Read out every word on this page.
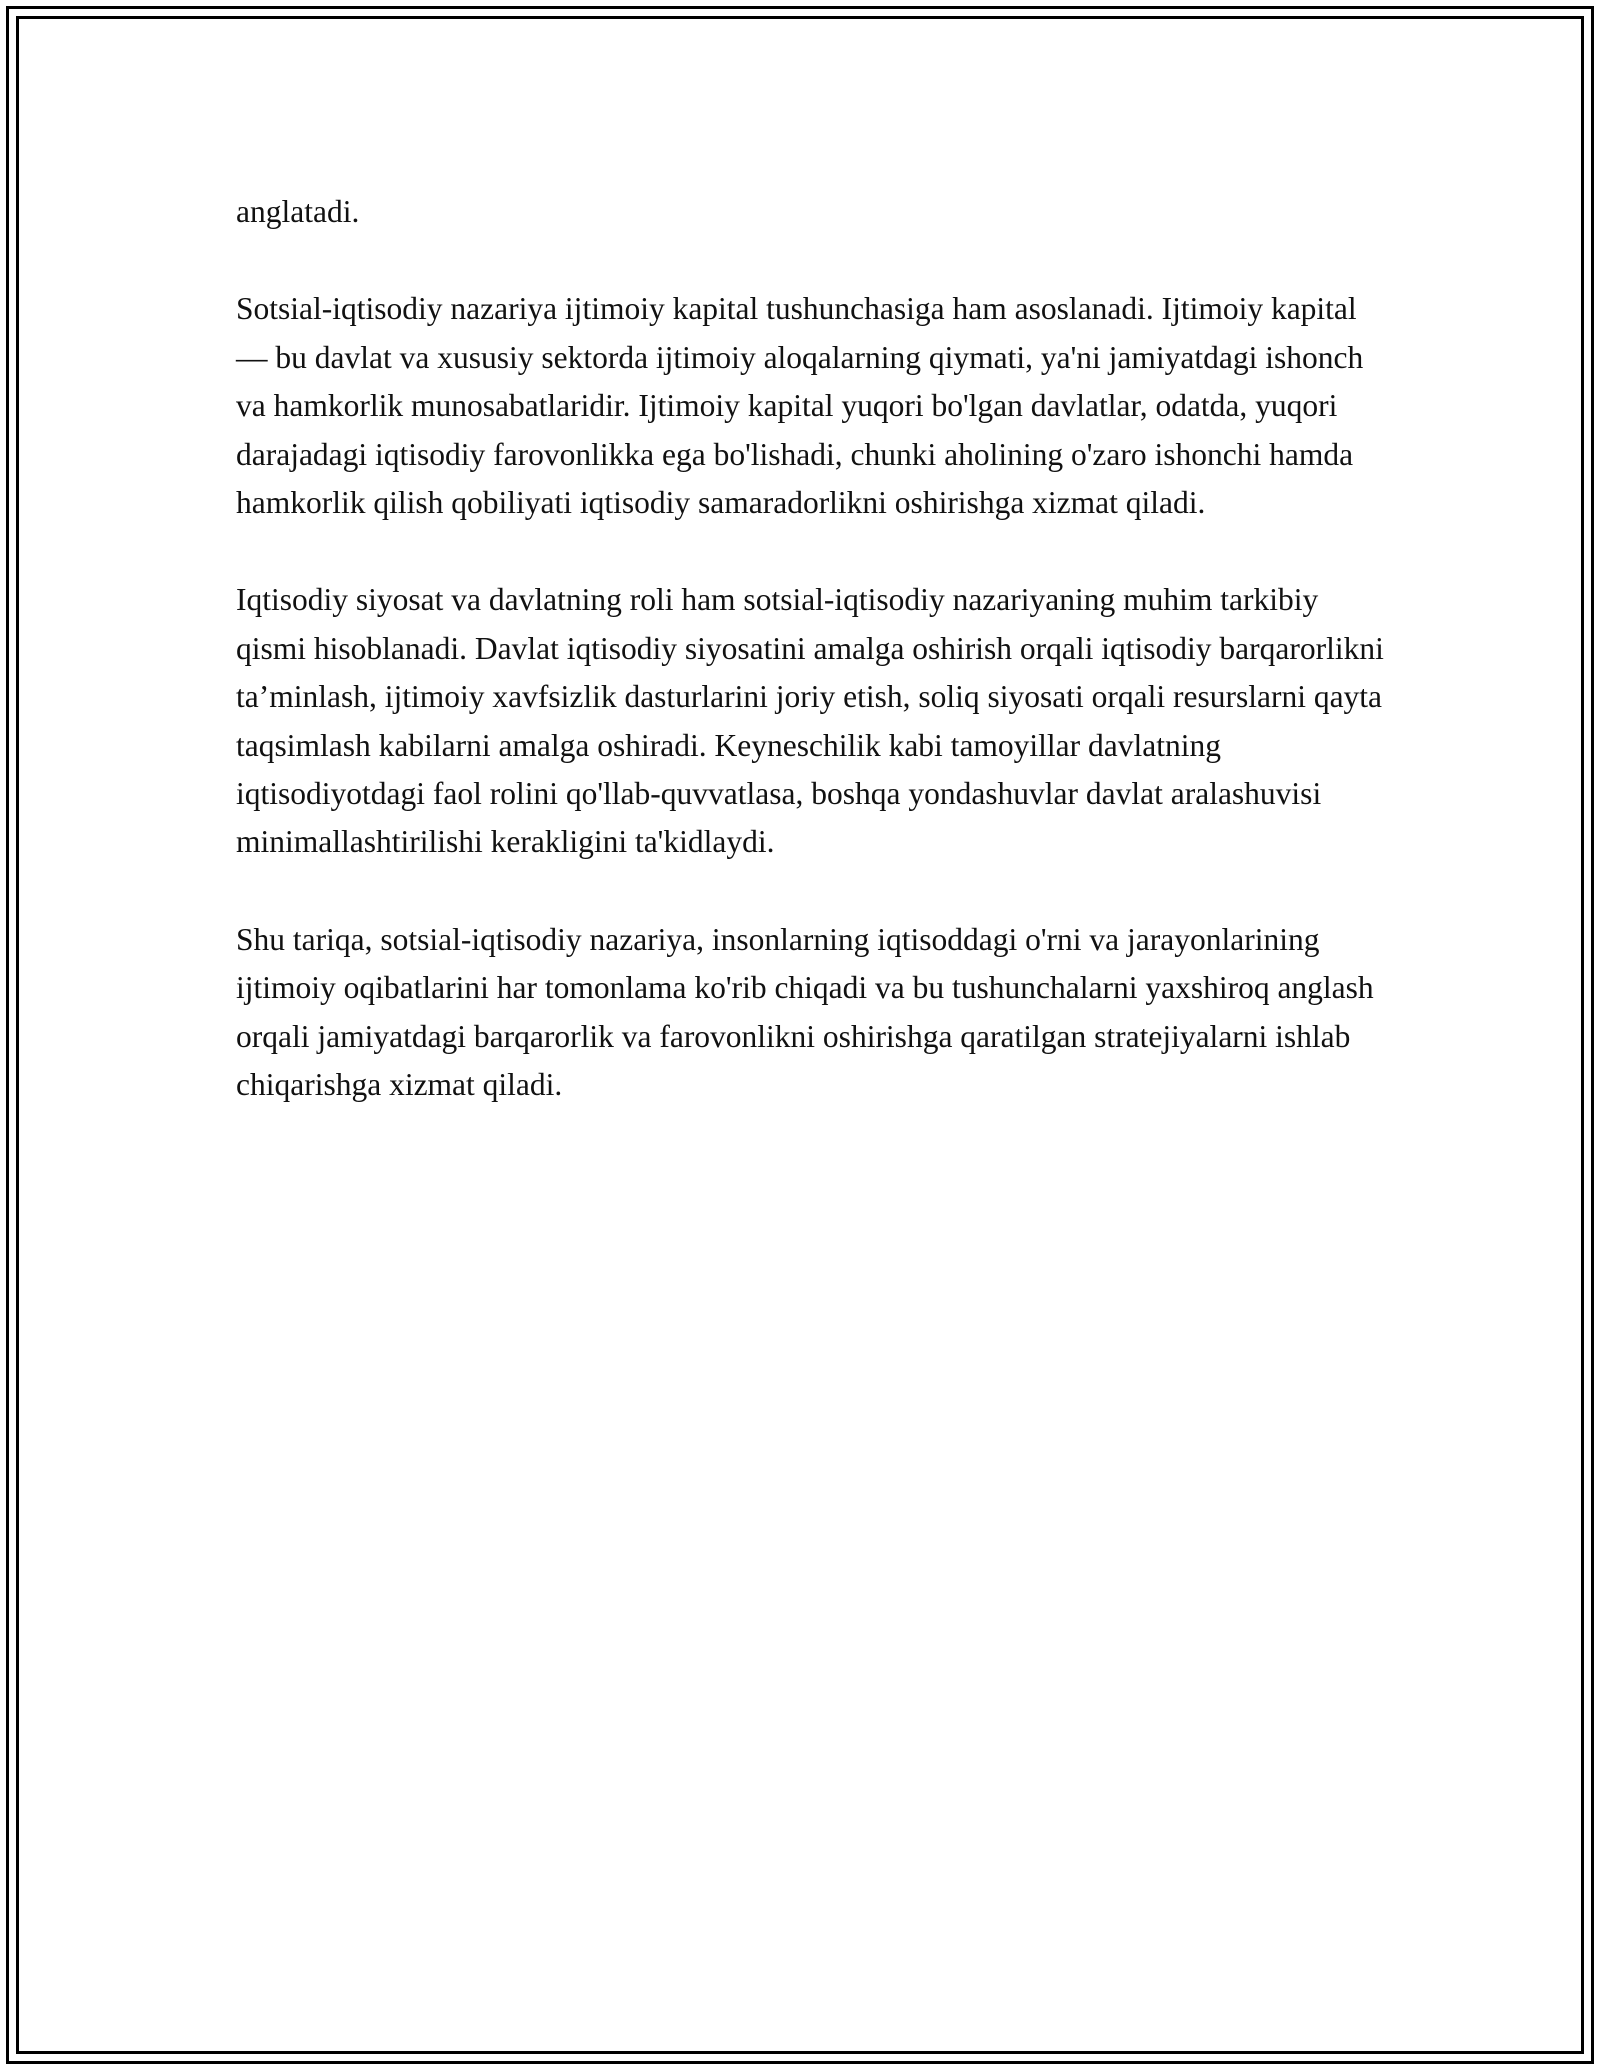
anglatadi.

Sotsial-iqtisodiy nazariya ijtimoiy kapital tushunchasiga ham asoslanadi. Ijtimoiy kapital — bu davlat va xususiy sektorda ijtimoiy aloqalarning qiymati, ya'ni jamiyatdagi ishonch va hamkorlik munosabatlaridir. Ijtimoiy kapital yuqori bo'lgan davlatlar, odatda, yuqori darajadagi iqtisodiy farovonlikka ega bo'lishadi, chunki aholining o'zaro ishonchi hamda hamkorlik qilish qobiliyati iqtisodiy samaradorlikni oshirishga xizmat qiladi.

Iqtisodiy siyosat va davlatning roli ham sotsial-iqtisodiy nazariyaning muhim tarkibiy qismi hisoblanadi. Davlat iqtisodiy siyosatini amalga oshirish orqali iqtisodiy barqarorlikni ta’minlash, ijtimoiy xavfsizlik dasturlarini joriy etish, soliq siyosati orqali resurslarni qayta taqsimlash kabilarni amalga oshiradi. Keyneschilik kabi tamoyillar davlatning iqtisodiyotdagi faol rolini qo'llab-quvvatlasa, boshqa yondashuvlar davlat aralashuvisi minimallashtirilishi kerakligini ta'kidlaydi.

Shu tariqa, sotsial-iqtisodiy nazariya, insonlarning iqtisoddagi o'rni va jarayonlarining ijtimoiy oqibatlarini har tomonlama ko'rib chiqadi va bu tushunchalarni yaxshiroq anglash orqali jamiyatdagi barqarorlik va farovonlikni oshirishga qaratilgan stratejiyalarni ishlab chiqarishga xizmat qiladi.
